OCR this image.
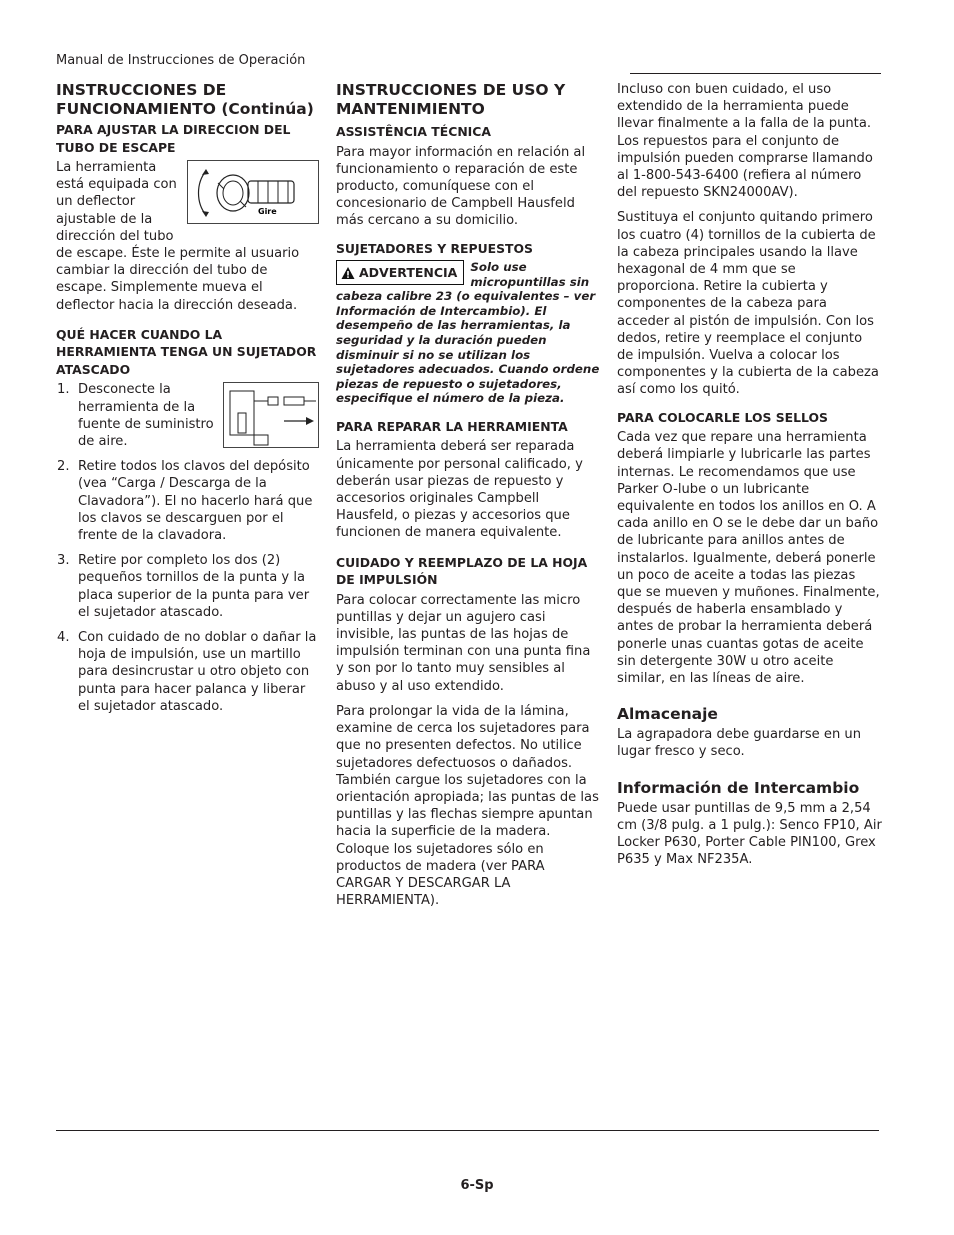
Manual de Instrucciones de Operación
INSTRUCCIONES DE FUNCIONAMIENTO (Continúa)
PARA AJUSTAR LA DIRECCION DEL TUBO DE ESCAPE
Gire

La herramienta está equipada con un deflector ajustable de la dirección del tubo de escape. Éste le permite al usuario cambiar la dirección del tubo de escape. Simplemente mueva el deflector hacia la dirección deseada.

QUÉ HACER CUANDO LA HERRAMIENTA TENGA UN SUJETADOR ATASCADO
1. Desconecte la herramienta de la fuente de suministro de aire.
2. Retire todos los clavos del depósito (vea “Carga / Descarga de la Clavadora”). El no hacerlo hará que los clavos se descarguen por el frente de la clavadora.
3. Retire por completo los dos (2) pequeños tornillos de la punta y la placa superior de la punta para ver el sujetador atascado.
4. Con cuidado de no doblar o dañar la hoja de impulsión, use un martillo para desincrustar u otro objeto con punta para hacer palanca y liberar el sujetador atascado.
INSTRUCCIONES DE USO Y MANTENIMIENTO
ASSISTÊNCIA TÉCNICA

Para mayor información en relación al funcionamiento o reparación de este producto, comuníquese con el concesionario de Campbell Hausfeld más cercano a su domicilio.

SUJETADORES Y REPUESTOS
ADVERTENCIA	Solo use micropuntillas sin cabeza calibre 23 (o equivalentes – ver Información de Intercambio). El desempeño de las herramientas, la seguridad y la duración pueden disminuir si no se utilizan los sujetadores adecuados. Cuando ordene piezas de repuesto o sujetadores, especifique el número de la pieza.
PARA REPARAR LA HERRAMIENTA

La herramienta deberá ser reparada únicamente por personal calificado, y deberán usar piezas de repuesto y accesorios originales Campbell Hausfeld, o piezas y accesorios que funcionen de manera equivalente.

CUIDADO Y REEMPLAZO DE LA HOJA DE IMPULSIÓN

Para colocar correctamente las micro puntillas y dejar un agujero casi invisible, las puntas de las hojas de impulsión terminan con una punta fina y son por lo tanto muy sensibles al abuso y al uso extendido.

Para prolongar la vida de la lámina, examine de cerca los sujetadores para que no presenten defectos. No utilice sujetadores defectuosos o dañados. También cargue los sujetadores con la orientación apropiada; las puntas de las puntillas y las flechas siempre apuntan hacia la superficie de la madera. Coloque los sujetadores sólo en productos de madera (ver PARA CARGAR Y DESCARGAR LA HERRAMIENTA).

Incluso con buen cuidado, el uso extendido de la herramienta puede llevar finalmente a la falla de la punta. Los repuestos para el conjunto de impulsión pueden comprarse llamando al 1-800-543-6400 (refiera al número del repuesto SKN24000AV).

Sustituya el conjunto quitando primero los cuatro (4) tornillos de la cubierta de la cabeza principales usando la llave hexagonal de 4 mm que se proporciona. Retire la cubierta y componentes de la cabeza para acceder al pistón de impulsión. Con los dedos, retire y reemplace el conjunto de impulsión. Vuelva a colocar los componentes y la cubierta de la cabeza así como los quitó.

PARA COLOCARLE LOS SELLOS

Cada vez que repare una herramienta deberá limpiarle y lubricarle las partes internas. Le recomendamos que use Parker O-lube o un lubricante equivalente en todos los anillos en O. A cada anillo en O se le debe dar un baño de lubricante para anillos antes de instalarlos. Igualmente, deberá ponerle un poco de aceite a todas las piezas que se mueven y muñones. Finalmente, después de haberla ensamblado y antes de probar la herramienta deberá ponerle unas cuantas gotas de aceite sin detergente 30W u otro aceite similar, en las líneas de aire.

Almacenaje

La agrapadora debe guardarse en un lugar fresco y seco.

Información de Intercambio

Puede usar puntillas de 9,5 mm a 2,54 cm (3/8 pulg. a 1 pulg.): Senco FP10, Air Locker P630, Porter Cable PIN100, Grex P635 y Max NF235A.

6-Sp
